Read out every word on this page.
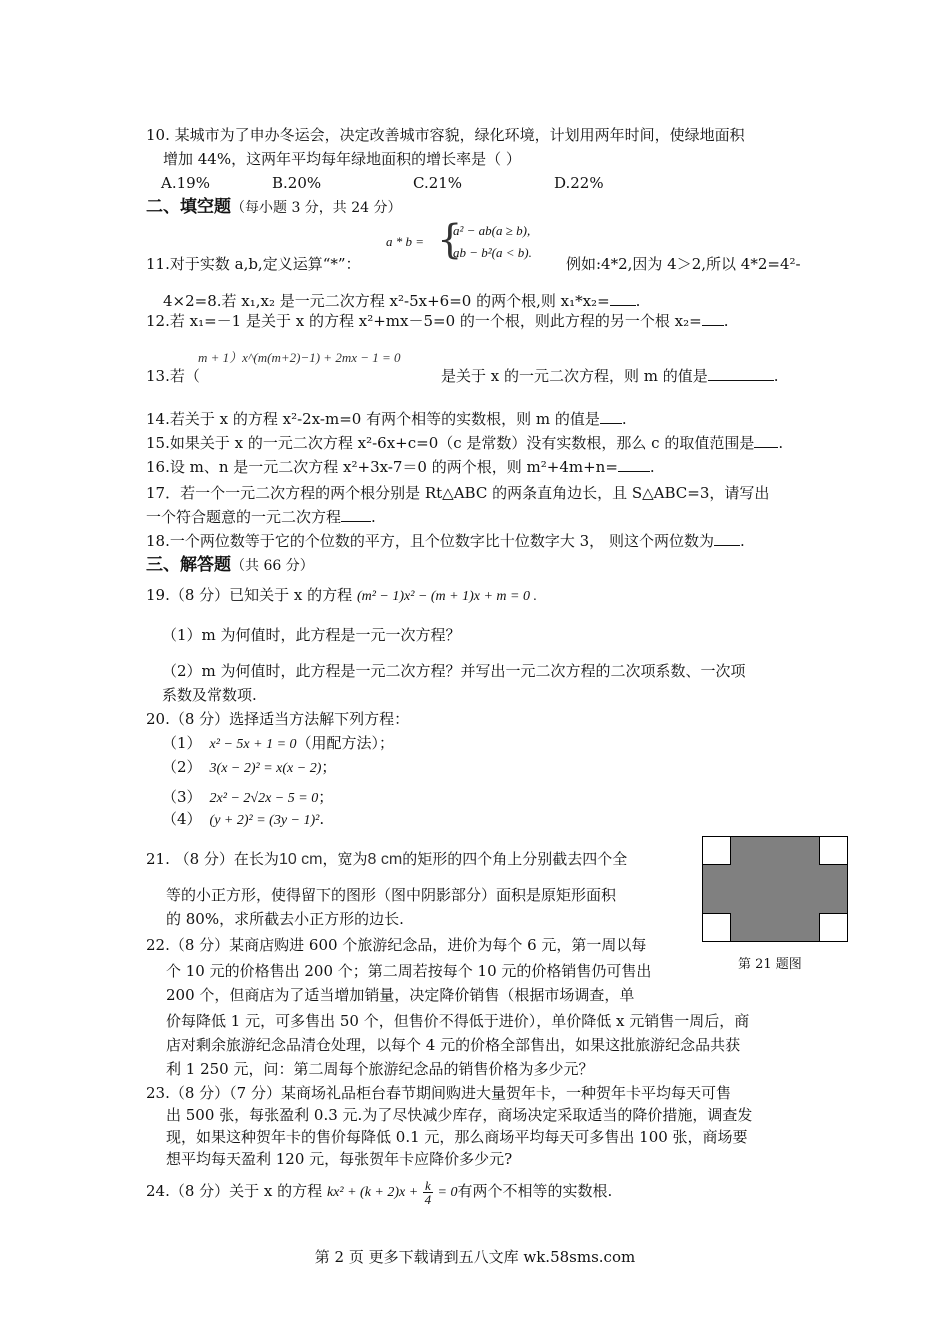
10. 某城市为了申办冬运会，决定改善城市容貌，绿化环境，计划用两年时间，使绿地面积
增加 44%，这两年平均每年绿地面积的增长率是（ ）
A.19%	B.20%	C.21%	D.22%
二、填空题（每小题 3 分，共 24 分）
11.对于实数 a,b,定义运算“*”：
a * b = {
a² − ab(a ≥ b),
ab − b²(a < b).
例如:4*2,因为 4＞2,所以 4*2=4²-
4×2=8.若 x₁,x₂ 是一元二次方程 x²-5x+6=0 的两个根,则 x₁*x₂= .
12.若 x₁=－1 是关于 x 的方程 x²+mx－5=0 的一个根，则此方程的另一个根 x₂= .
13.若（
m + 1）x^(m(m+2)−1) + 2mx − 1 = 0
是关于 x 的一元二次方程，则 m 的值是	.
14.若关于 x 的方程 x²-2x-m=0 有两个相等的实数根，则 m 的值是 .
15.如果关于 x 的一元二次方程 x²-6x+c=0（c 是常数）没有实数根，那么 c 的取值范围是 .
16.设 m、n 是一元二次方程 x²+3x-7＝0 的两个根，则 m²+4m+n= .
17．若一个一元二次方程的两个根分别是 Rt△ABC 的两条直角边长，且 S△ABC=3，请写出
一个符合题意的一元二次方程 .
18.一个两位数等于它的个位数的平方，且个位数字比十位数字大 3， 则这个两位数为 .
三、解答题（共 66 分）
19.（8 分）已知关于 x 的方程 (m² − 1)x² − (m + 1)x + m = 0 .
（1）m 为何值时，此方程是一元一次方程？
（2）m 为何值时，此方程是一元二次方程？并写出一元二次方程的二次项系数、一次项
系数及常数项.
20.（8 分）选择适当方法解下列方程：
（1） x² − 5x + 1 = 0（用配方法）；
（2） 3(x − 2)² = x(x − 2)；
（3） 2x² − 2√2x − 5 = 0；
（4） (y + 2)² = (3y − 1)².
21. （8 分）在长为10 cm，宽为8 cm的矩形的四个角上分别截去四个全
等的小正方形，使得留下的图形（图中阴影部分）面积是原矩形面积
的 80%，求所截去小正方形的边长.
第 21 题图
22.（8 分）某商店购进 600 个旅游纪念品，进价为每个 6 元，第一周以每
个 10 元的价格售出 200 个；第二周若按每个 10 元的价格销售仍可售出
200 个，但商店为了适当增加销量，决定降价销售（根据市场调查，单
价每降低 1 元，可多售出 50 个，但售价不得低于进价），单价降低 x 元销售一周后，商
店对剩余旅游纪念品清仓处理，以每个 4 元的价格全部售出，如果这批旅游纪念品共获
利 1 250 元，问：第二周每个旅游纪念品的销售价格为多少元？
23.（8 分）（7 分）某商场礼品柜台春节期间购进大量贺年卡，一种贺年卡平均每天可售
出 500 张，每张盈利 0.3 元.为了尽快减少库存，商场决定采取适当的降价措施，调查发
现，如果这种贺年卡的售价每降低 0.1 元，那么商场平均每天可多售出 100 张，商场要
想平均每天盈利 120 元，每张贺年卡应降价多少元?
24.（8 分）关于 x 的方程 $kx^2 + (k + 2)x + \frac{k}{4} = 0$有两个不相等的实数根.
第 2 页 更多下载请到五八文库 wk.58sms.com
